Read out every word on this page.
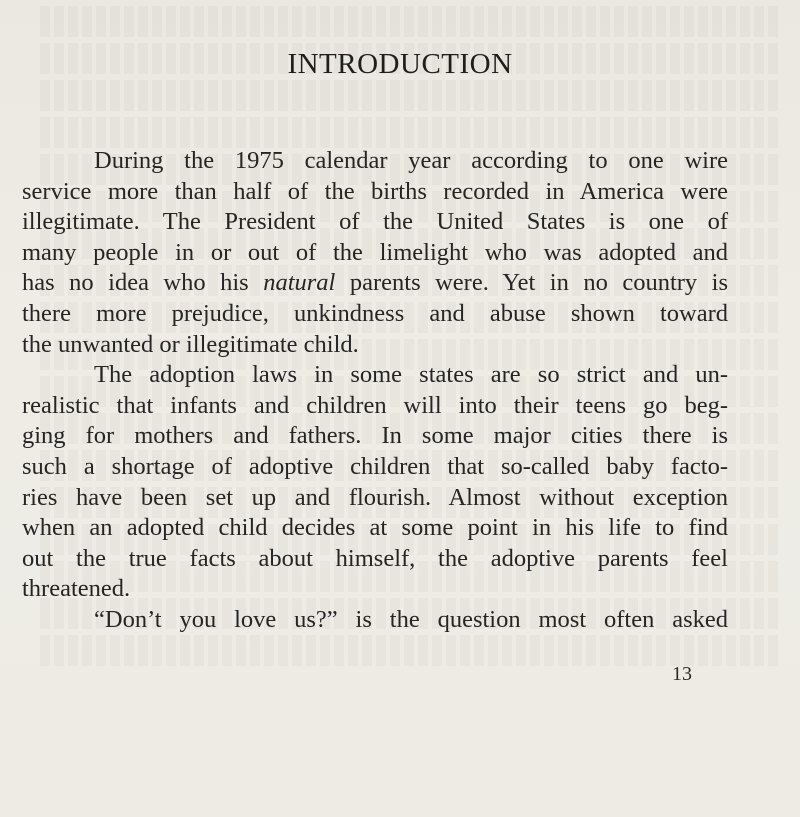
INTRODUCTION
During the 1975 calendar year according to one wire
service more than half of the births recorded in America were
illegitimate. The President of the United States is one of
many people in or out of the limelight who was adopted and
has no idea who his natural parents were. Yet in no country is
there more prejudice, unkindness and abuse shown toward
the unwanted or illegitimate child.
The adoption laws in some states are so strict and un-
realistic that infants and children will into their teens go beg-
ging for mothers and fathers. In some major cities there is
such a shortage of adoptive children that so-called baby facto-
ries have been set up and flourish. Almost without exception
when an adopted child decides at some point in his life to find
out the true facts about himself, the adoptive parents feel
threatened.
“Don’t you love us?” is the question most often asked
13
